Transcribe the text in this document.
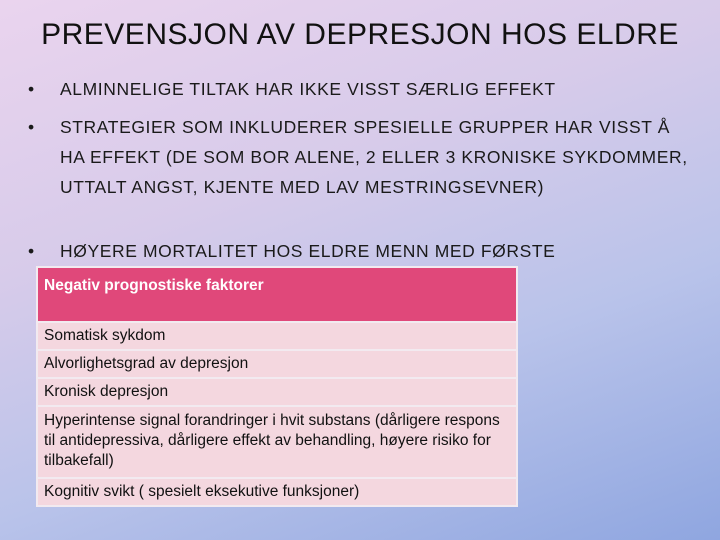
•	ALMINNELIGE TILTAK HAR IKKE VISST SÆRLIG EFFEKT
•	STRATEGIER SOM INKLUDERER SPESIELLE GRUPPER HAR VISST Å HA EFFEKT (DE SOM BOR ALENE, 2 ELLER 3 KRONISKE SYKDOMMER, UTTALT ANGST, KJENTE MED LAV MESTRINGSEVNER)
•	HØYERE MORTALITET HOS ELDRE MENN MED FØRSTE
PREVENSJON AV DEPRESJON HOS ELDRE
Negativ prognostiske faktorer
Somatisk sykdom
Alvorlighetsgrad av depresjon
Kronisk depresjon
Hyperintense signal forandringer i hvit substans (dårligere respons til antidepressiva, dårligere effekt av behandling, høyere risiko for tilbakefall)
Kognitiv svikt ( spesielt eksekutive funksjoner)
